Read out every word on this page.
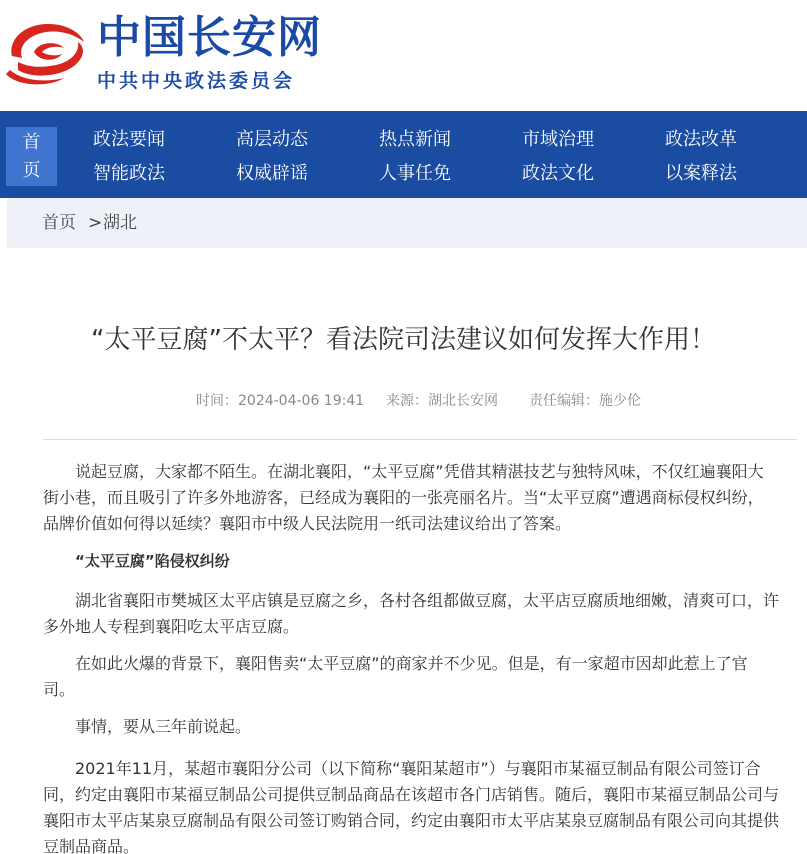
中国长安网
中共中央政法委员会
首
页
政法要闻	高层动态	热点新闻	市域治理	政法改革
智能政法	权威辟谣	人事任免	政法文化	以案释法
首页 > 湖北
“太平豆腐”不太平？看法院司法建议如何发挥大作用！
时间：2024-04-06 19:41 来源：湖北长安网 责任编辑：施少伦
说起豆腐，大家都不陌生。在湖北襄阳，“太平豆腐”凭借其精湛技艺与独特风味，不仅红遍襄阳大
街小巷，而且吸引了许多外地游客，已经成为襄阳的一张亮丽名片。当“太平豆腐”遭遇商标侵权纠纷，
品牌价值如何得以延续？襄阳市中级人民法院用一纸司法建议给出了答案。
“太平豆腐”陷侵权纠纷
湖北省襄阳市樊城区太平店镇是豆腐之乡，各村各组都做豆腐，太平店豆腐质地细嫩，清爽可口，许
多外地人专程到襄阳吃太平店豆腐。
在如此火爆的背景下，襄阳售卖“太平豆腐”的商家并不少见。但是，有一家超市因却此惹上了官
司。
事情，要从三年前说起。
2021年11月，某超市襄阳分公司（以下简称“襄阳某超市”）与襄阳市某福豆制品有限公司签订合
同，约定由襄阳市某福豆制品公司提供豆制品商品在该超市各门店销售。随后，襄阳市某福豆制品公司与
襄阳市太平店某泉豆腐制品有限公司签订购销合同，约定由襄阳市太平店某泉豆腐制品有限公司向其提供
豆制品商品。
